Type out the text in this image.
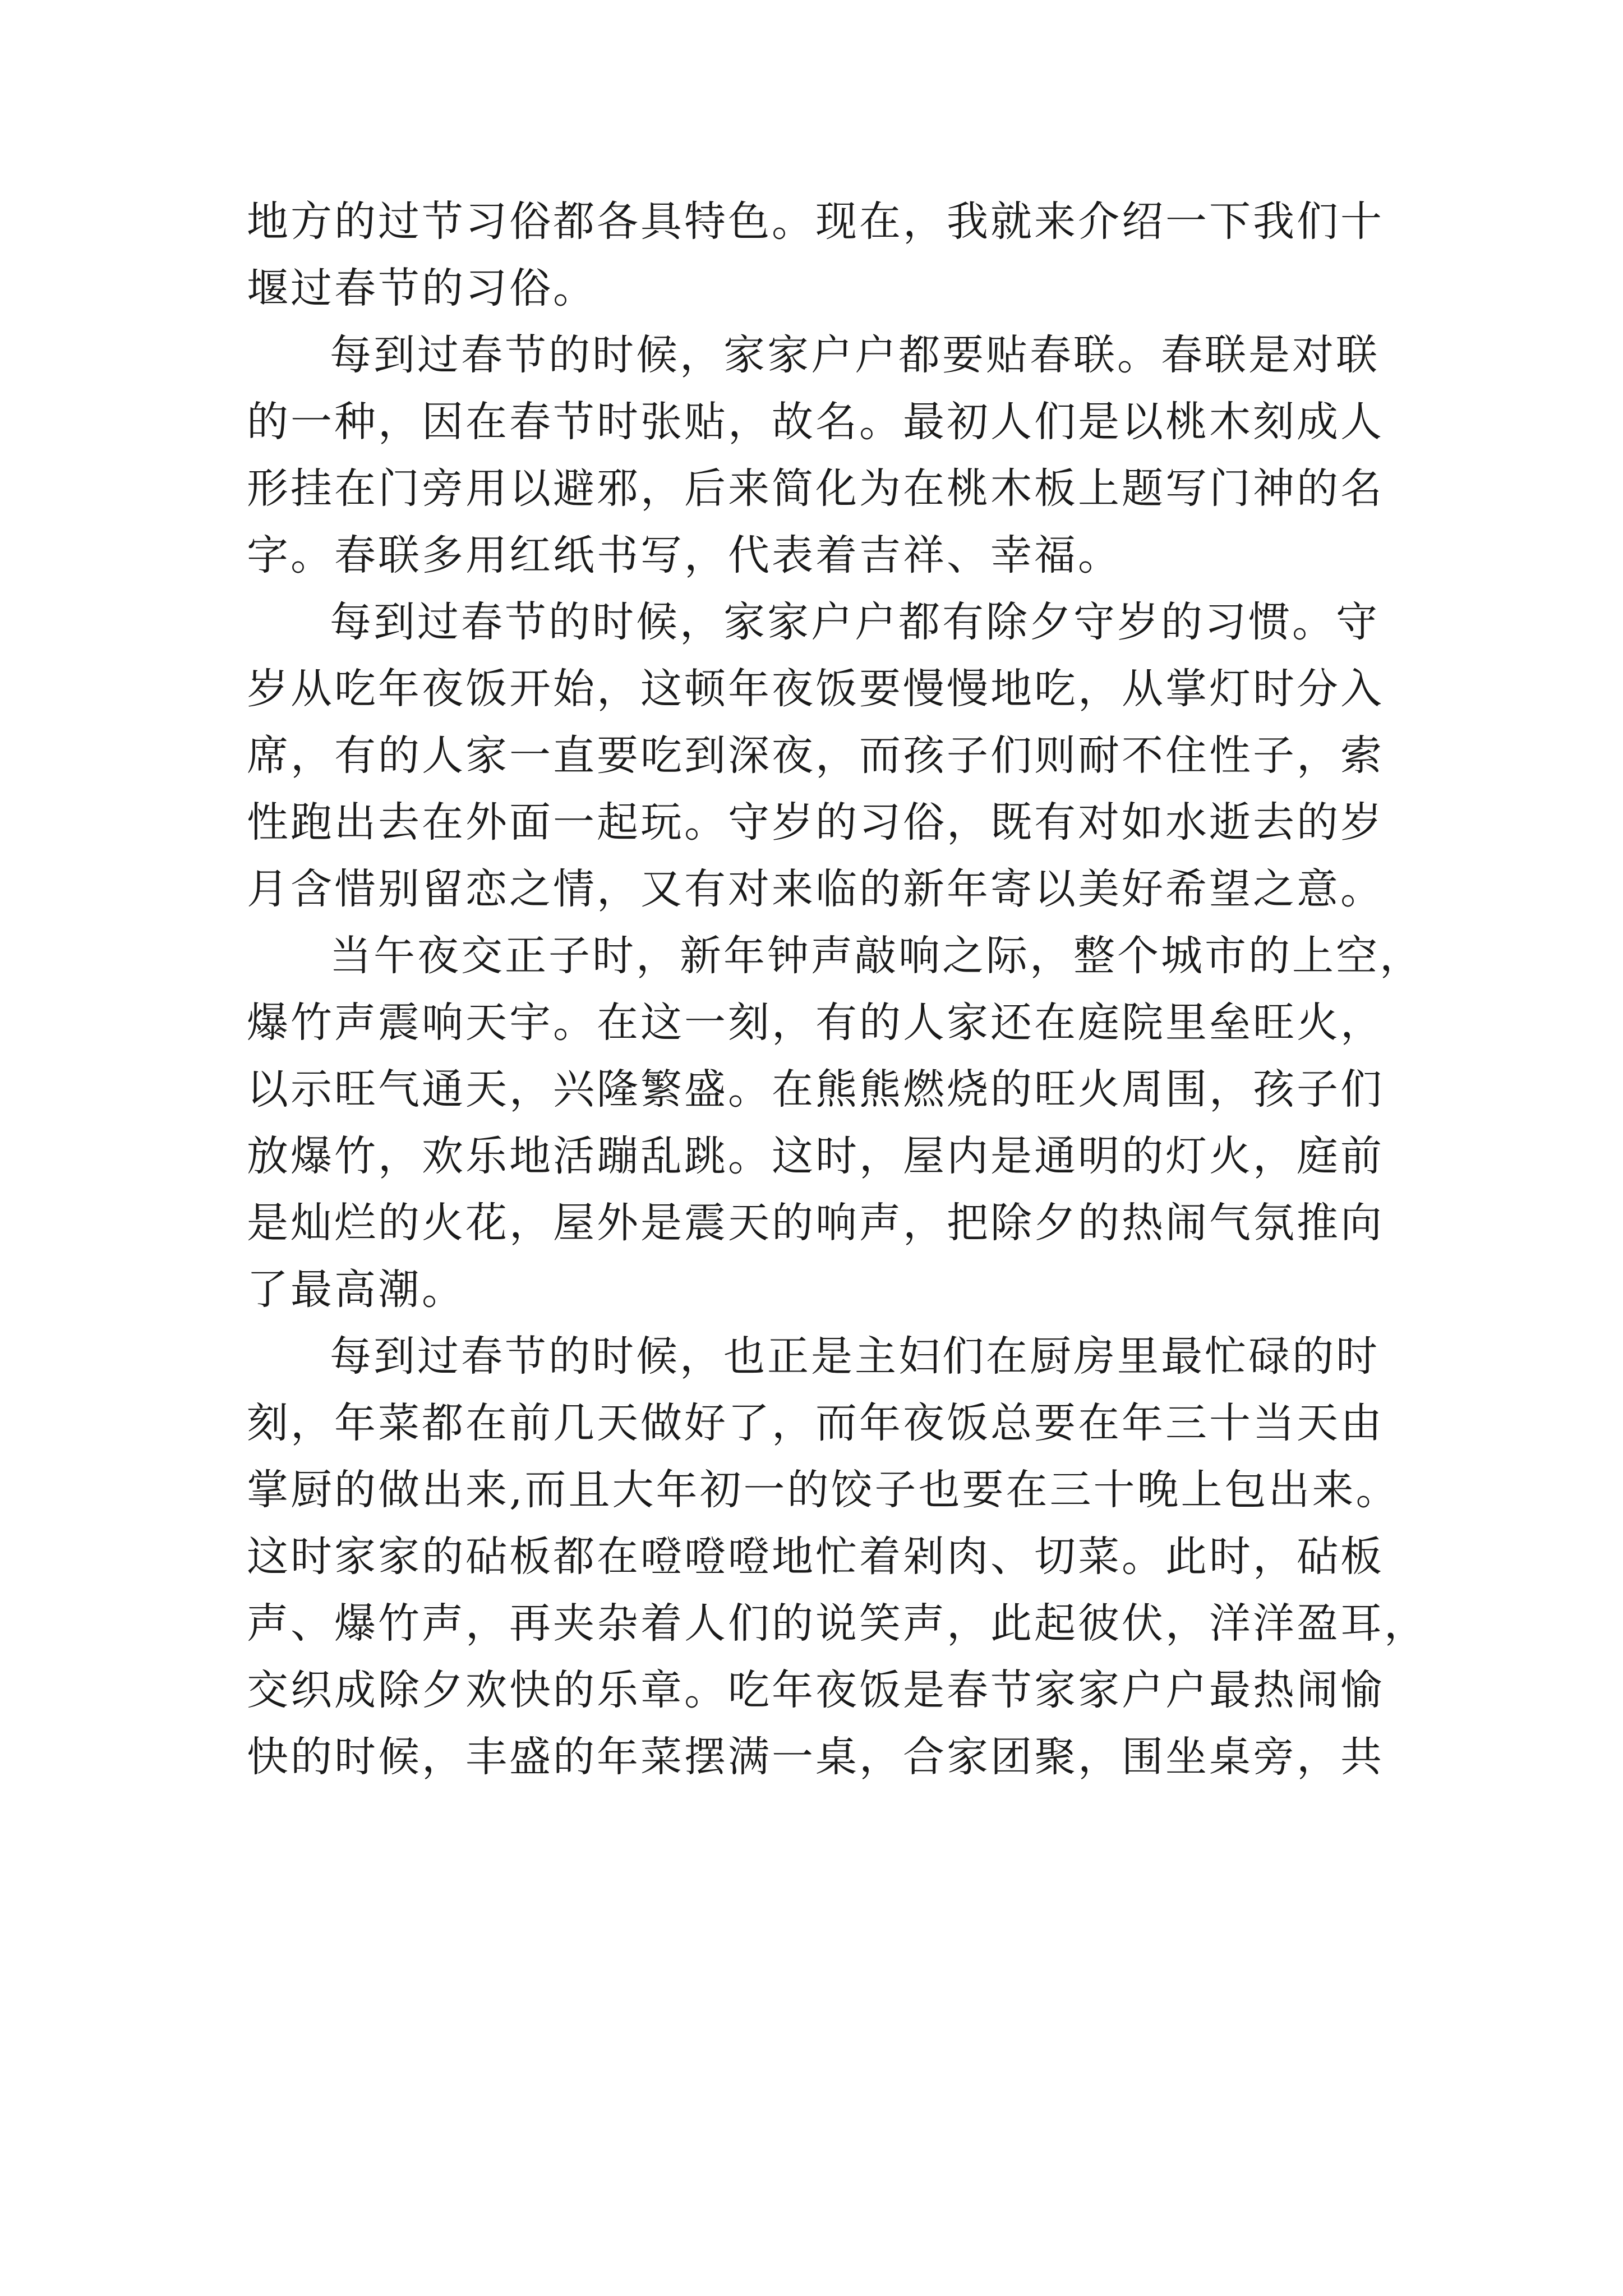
地方的过节习俗都各具特色。现在，我就来介绍一下我们十
堰过春节的习俗。
每到过春节的时候，家家户户都要贴春联。春联是对联
的一种，因在春节时张贴，故名。最初人们是以桃木刻成人
形挂在门旁用以避邪，后来简化为在桃木板上题写门神的名
字。春联多用红纸书写，代表着吉祥、幸福。
每到过春节的时候，家家户户都有除夕守岁的习惯。守
岁从吃年夜饭开始，这顿年夜饭要慢慢地吃，从掌灯时分入
席，有的人家一直要吃到深夜，而孩子们则耐不住性子，索
性跑出去在外面一起玩。守岁的习俗，既有对如水逝去的岁
月含惜别留恋之情，又有对来临的新年寄以美好希望之意。
当午夜交正子时，新年钟声敲响之际，整个城市的上空，
爆竹声震响天宇。在这一刻，有的人家还在庭院里垒旺火，
以示旺气通天，兴隆繁盛。在熊熊燃烧的旺火周围，孩子们
放爆竹，欢乐地活蹦乱跳。这时，屋内是通明的灯火，庭前
是灿烂的火花，屋外是震天的响声，把除夕的热闹气氛推向
了最高潮。
每到过春节的时候，也正是主妇们在厨房里最忙碌的时
刻，年菜都在前几天做好了，而年夜饭总要在年三十当天由
掌厨的做出来,而且大年初一的饺子也要在三十晚上包出来。
这时家家的砧板都在噔噔噔地忙着剁肉、切菜。此时，砧板
声、爆竹声，再夹杂着人们的说笑声，此起彼伏，洋洋盈耳，
交织成除夕欢快的乐章。吃年夜饭是春节家家户户最热闹愉
快的时候，丰盛的年菜摆满一桌，合家团聚，围坐桌旁，共
